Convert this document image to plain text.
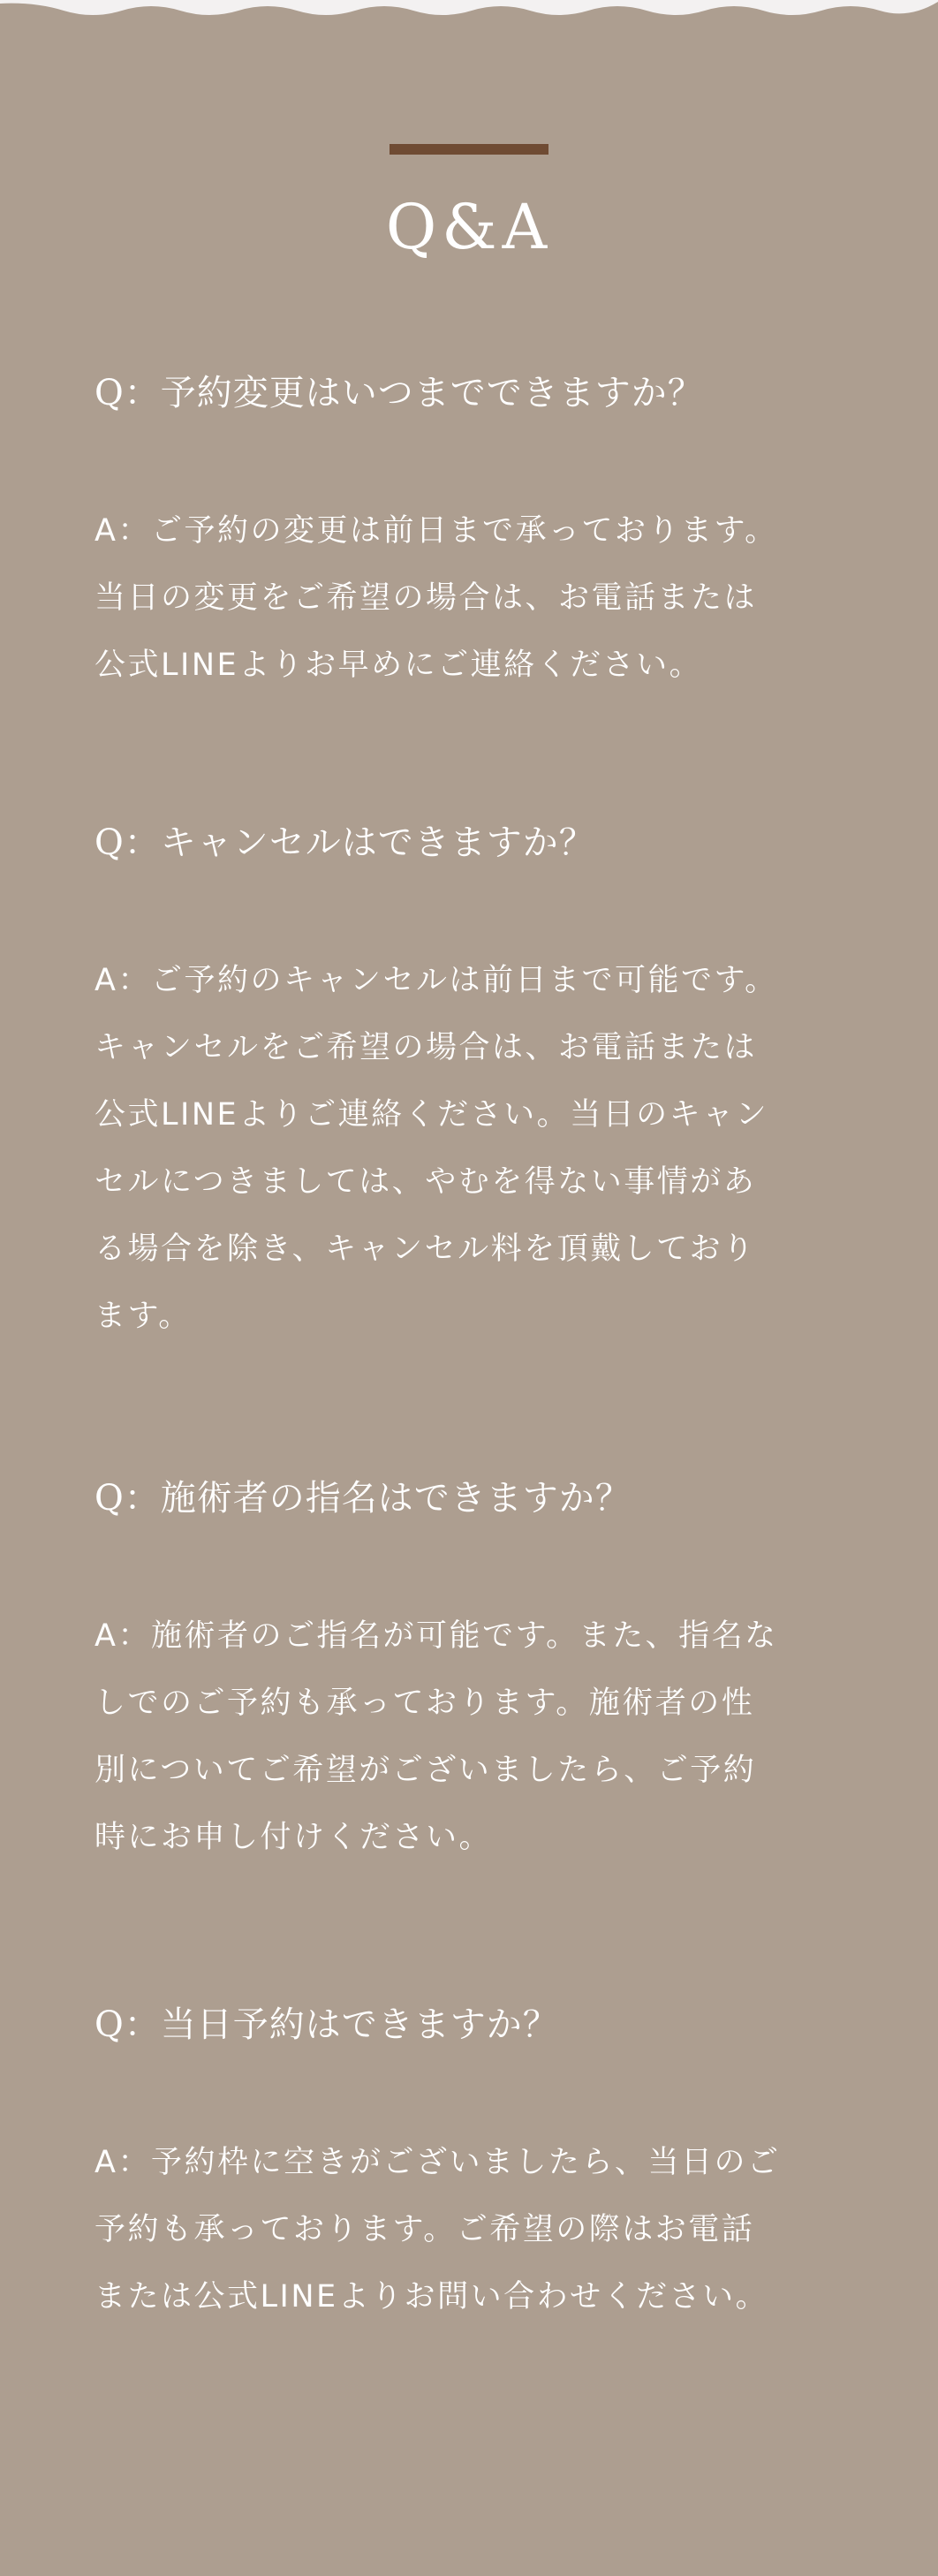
Q&A
Q：予約変更はいつまでできますか？

A：ご予約の変更は前日まで承っております。
当日の変更をご希望の場合は、お電話または
公式LINEよりお早めにご連絡ください。

Q：キャンセルはできますか？

A：ご予約のキャンセルは前日まで可能です。
キャンセルをご希望の場合は、お電話または
公式LINEよりご連絡ください。当日のキャン
セルにつきましては、やむを得ない事情があ
る場合を除き、キャンセル料を頂戴しており
ます。

Q：施術者の指名はできますか？

A：施術者のご指名が可能です。また、指名な
しでのご予約も承っております。施術者の性
別についてご希望がございましたら、ご予約
時にお申し付けください。

Q：当日予約はできますか？

A：予約枠に空きがございましたら、当日のご
予約も承っております。ご希望の際はお電話
または公式LINEよりお問い合わせください。
